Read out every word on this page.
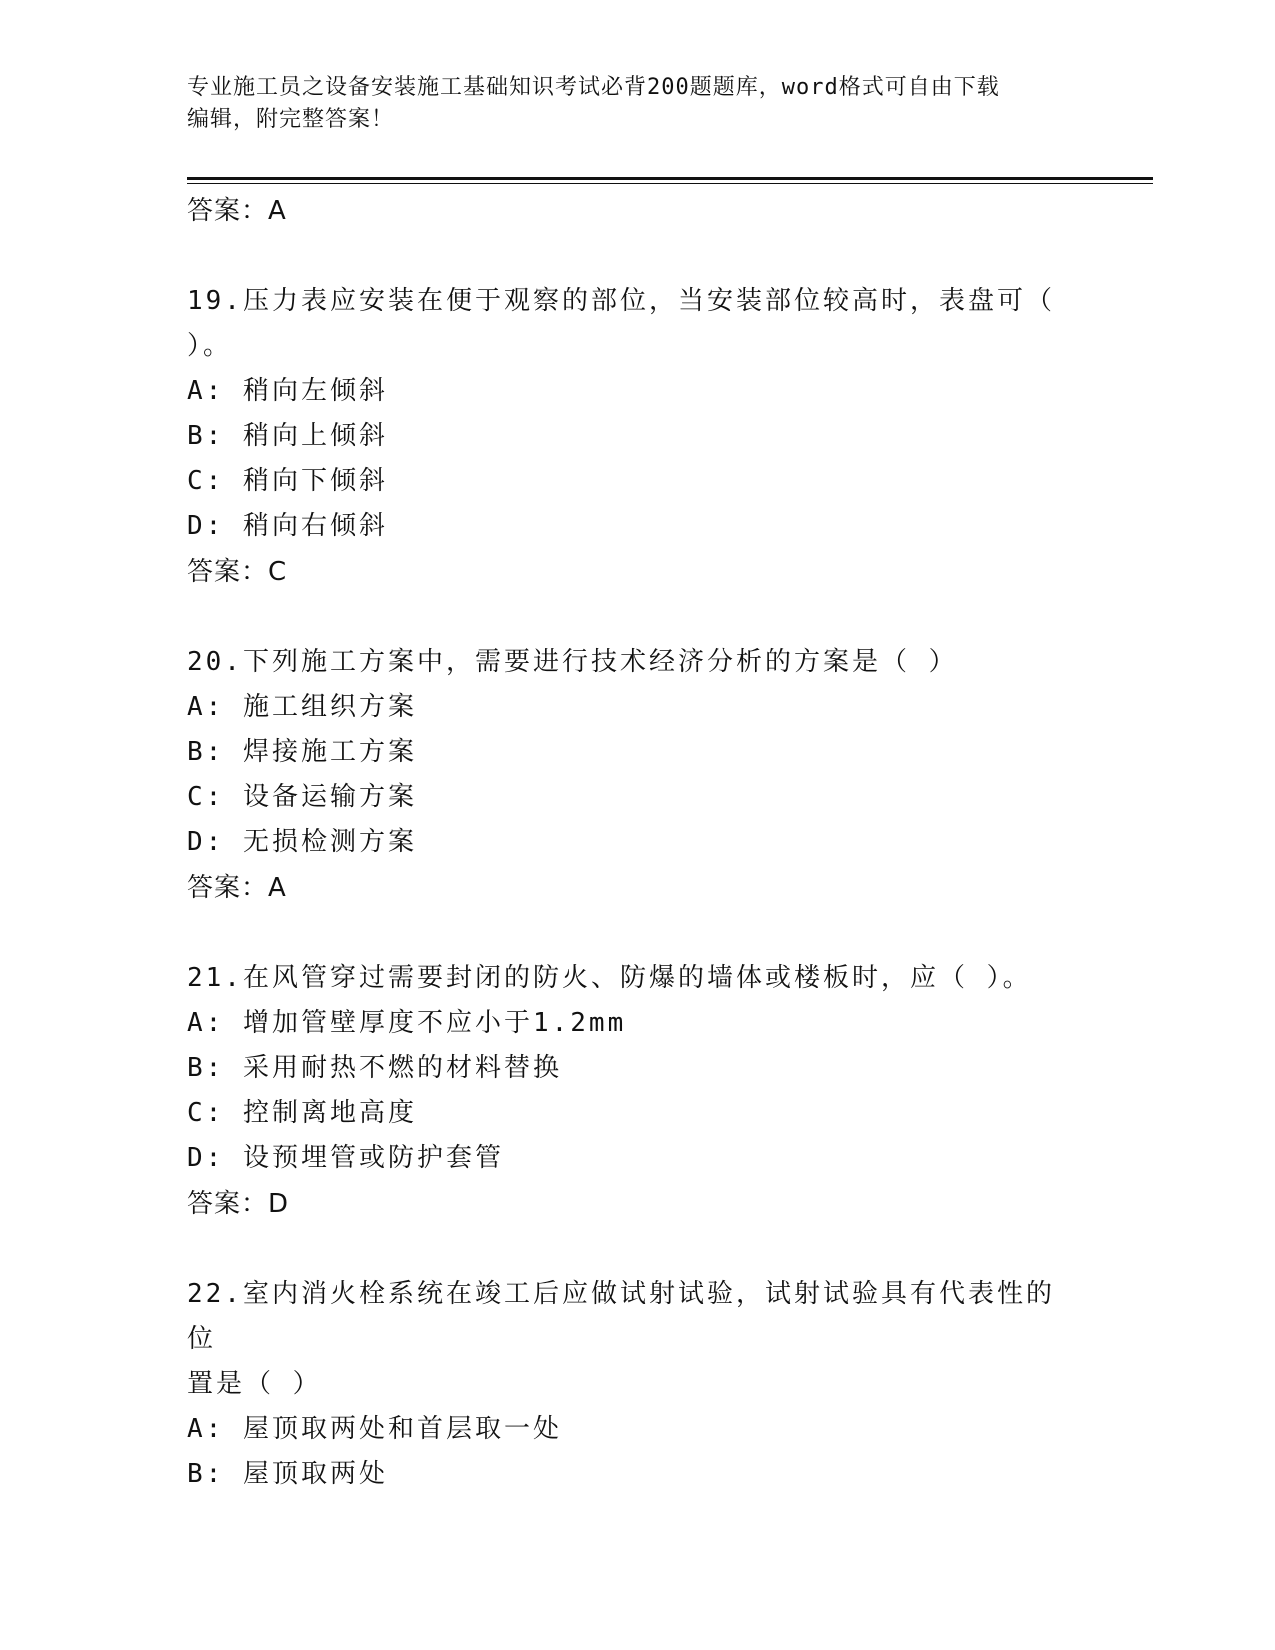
专业施工员之设备安装施工基础知识考试必背200题题库，word格式可自由下载
编辑，附完整答案！
答案：A
19.压力表应安装在便于观察的部位，当安装部位较高时，表盘可（
）。
A: 稍向左倾斜
B: 稍向上倾斜
C: 稍向下倾斜
D: 稍向右倾斜
答案：C
20.下列施工方案中，需要进行技术经济分析的方案是（ ）
A: 施工组织方案
B: 焊接施工方案
C: 设备运输方案
D: 无损检测方案
答案：A
21.在风管穿过需要封闭的防火、防爆的墙体或楼板时，应（ ）。
A: 增加管壁厚度不应小于1.2mm
B: 采用耐热不燃的材料替换
C: 控制离地高度
D: 设预埋管或防护套管
答案：D
22.室内消火栓系统在竣工后应做试射试验，试射试验具有代表性的位
置是（ ）
A: 屋顶取两处和首层取一处
B: 屋顶取两处
